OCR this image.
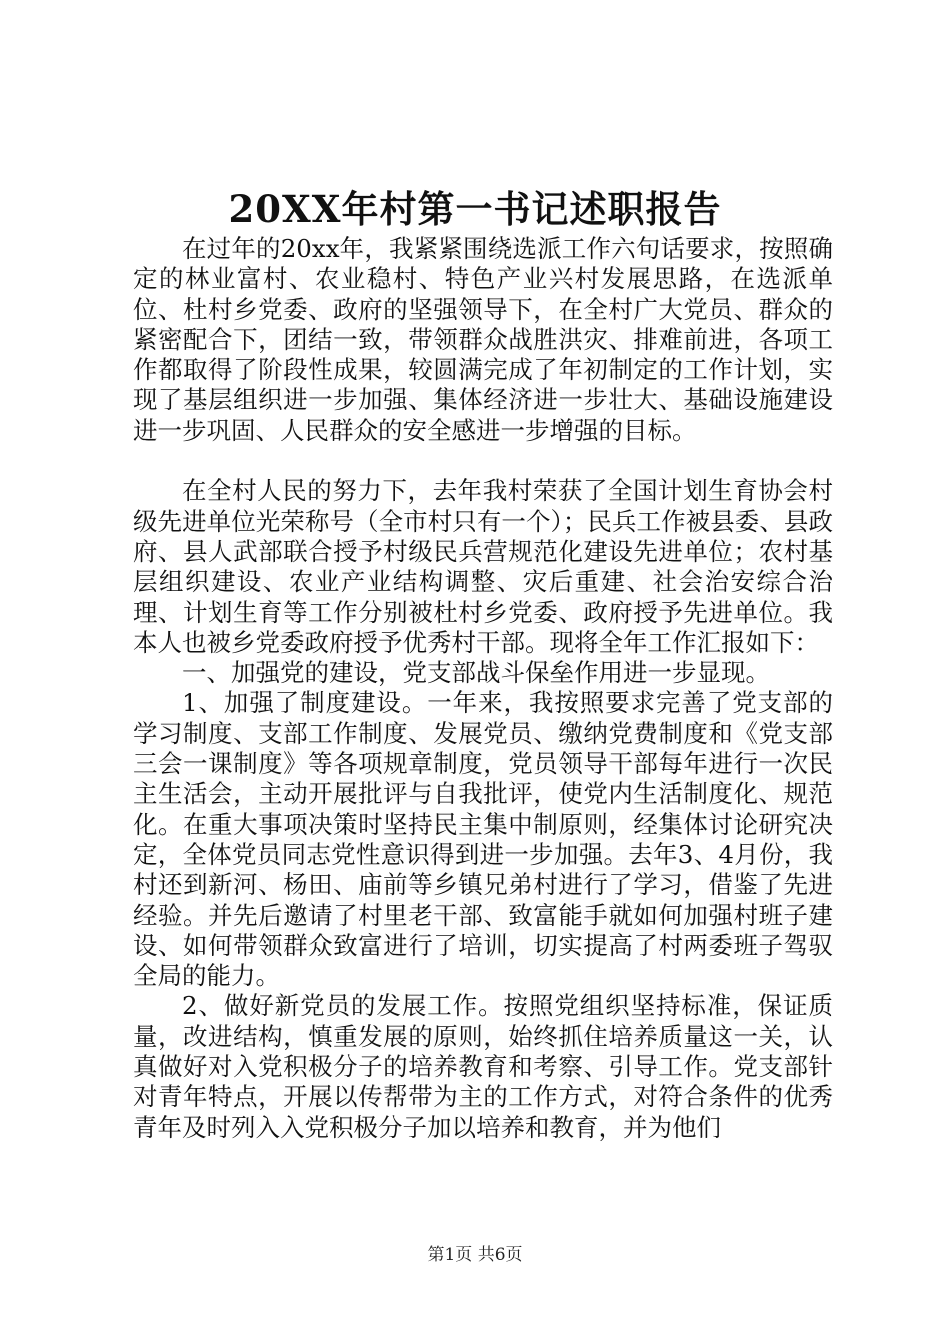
20XX年村第一书记述职报告

在过年的20xx年，我紧紧围绕选派工作六句话要求，按照确定的林业富村、农业稳村、特色产业兴村发展思路，在选派单位、杜村乡党委、政府的坚强领导下，在全村广大党员、群众的紧密配合下，团结一致，带领群众战胜洪灾、排难前进，各项工作都取得了阶段性成果，较圆满完成了年初制定的工作计划，实现了基层组织进一步加强、集体经济进一步壮大、基础设施建设进一步巩固、人民群众的安全感进一步增强的目标。

在全村人民的努力下，去年我村荣获了全国计划生育协会村级先进单位光荣称号（全市村只有一个）；民兵工作被县委、县政府、县人武部联合授予村级民兵营规范化建设先进单位；农村基层组织建设、农业产业结构调整、灾后重建、社会治安综合治理、计划生育等工作分别被杜村乡党委、政府授予先进单位。我本人也被乡党委政府授予优秀村干部。现将全年工作汇报如下：

一、加强党的建设，党支部战斗保垒作用进一步显现。

1、加强了制度建设。一年来，我按照要求完善了党支部的学习制度、支部工作制度、发展党员、缴纳党费制度和《党支部三会一课制度》等各项规章制度，党员领导干部每年进行一次民主生活会，主动开展批评与自我批评，使党内生活制度化、规范化。在重大事项决策时坚持民主集中制原则，经集体讨论研究决定，全体党员同志党性意识得到进一步加强。去年3、4月份，我村还到新河、杨田、庙前等乡镇兄弟村进行了学习，借鉴了先进经验。并先后邀请了村里老干部、致富能手就如何加强村班子建设、如何带领群众致富进行了培训，切实提高了村两委班子驾驭全局的能力。

2、做好新党员的发展工作。按照党组织坚持标准，保证质量，改进结构，慎重发展的原则，始终抓住培养质量这一关，认真做好对入党积极分子的培养教育和考察、引导工作。党支部针对青年特点，开展以传帮带为主的工作方式，对符合条件的优秀青年及时列入入党积极分子加以培养和教育，并为他们

第1页 共6页
